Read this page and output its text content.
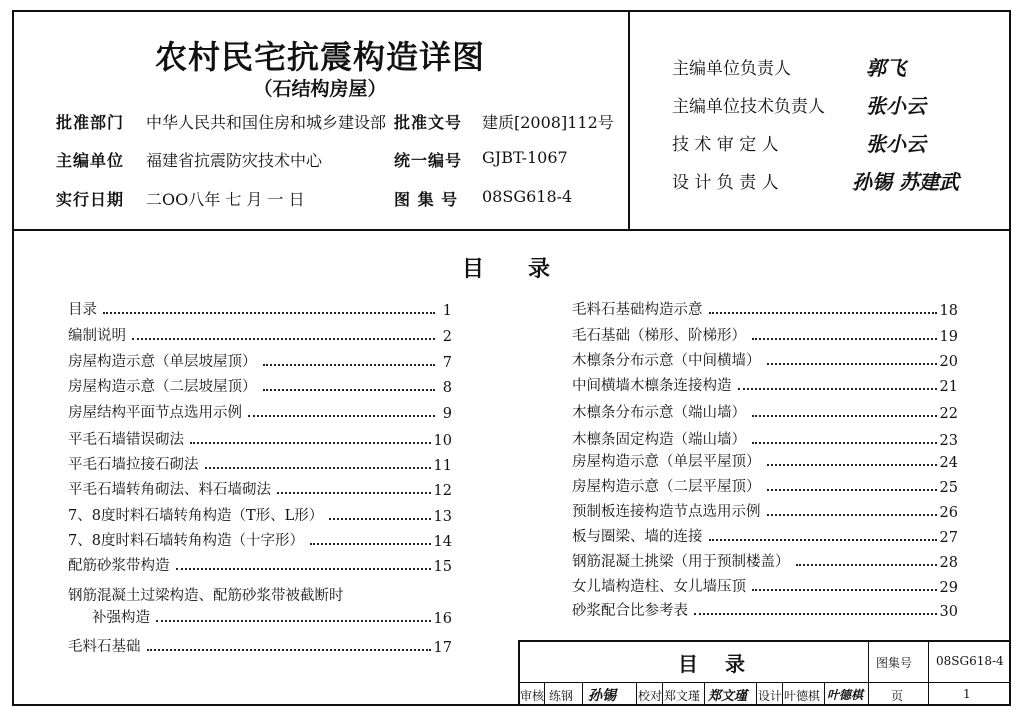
农村民宅抗震构造详图
（石结构房屋）
批准部门 中华人民共和国住房和城乡建设部 批准文号 建质[2008]112号
主编单位 福建省抗震防灾技术中心	统一编号 GJBT-1067
实行日期 二OO八年 七 月 一 日	图 集 号 08SG618-4
主编单位负责人	郭飞
主编单位技术负责人	张小云
技 术 审 定 人	张小云
设 计 负 责 人	孙锡 苏建武
目录
目录	1
编制说明	2
房屋构造示意（单层坡屋顶）	7
房屋构造示意（二层坡屋顶）	8
房屋结构平面节点选用示例	9
平毛石墙错误砌法	10
平毛石墙拉接石砌法	11
平毛石墙转角砌法、料石墙砌法	12
7、8度时料石墙转角构造（T形、L形）	13
7、8度时料石墙转角构造（十字形）	14
配筋砂浆带构造	15
钢筋混凝土过梁构造、配筋砂浆带被截断时
补强构造	16
毛料石基础	17
毛料石基础构造示意	18
毛石基础（梯形、阶梯形）	19
木檩条分布示意（中间横墙）	20
中间横墙木檩条连接构造	21
木檩条分布示意（端山墙）	22
木檩条固定构造（端山墙）	23
房屋构造示意（单层平屋顶）	24
房屋构造示意（二层平屋顶）	25
预制板连接构造节点选用示例	26
板与圈梁、墙的连接	27
钢筋混凝土挑梁（用于预制楼盖）	28
女儿墙构造柱、女儿墙压顶	29
砂浆配合比参考表	30
目 录	图集号 08SG618-4
页	1
审核 练钢 孙锡 校对 郑文瑾 郑文瑾 设计 叶德棋 叶德棋
